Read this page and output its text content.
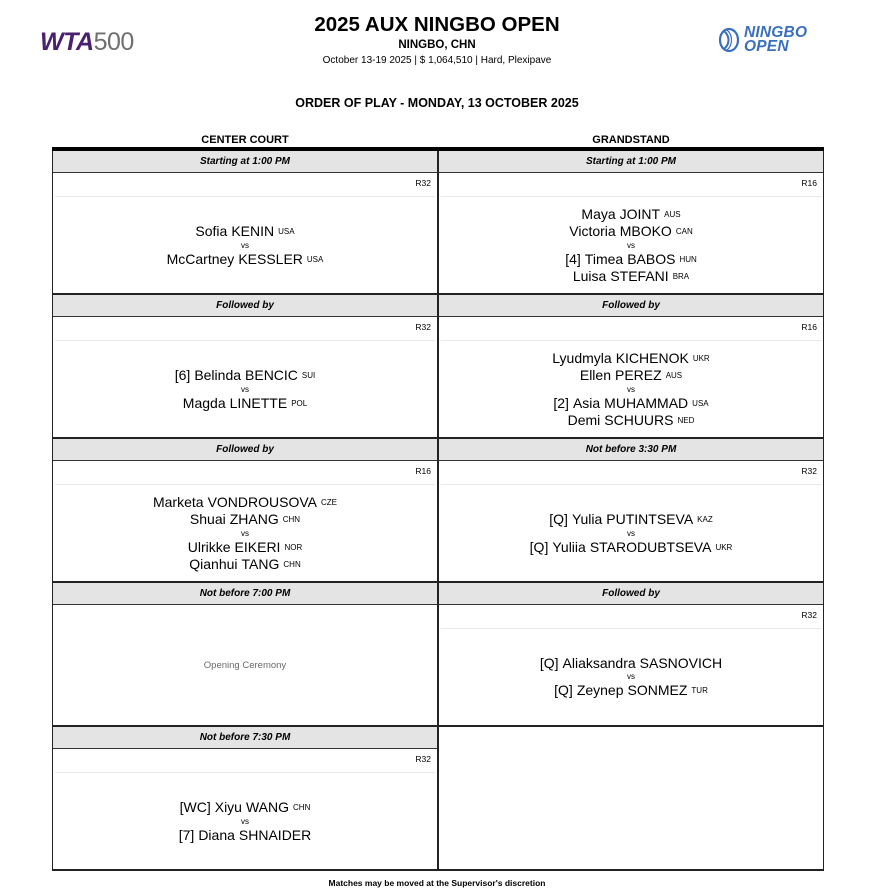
WTA500	NINGBO
OPEN
2025 AUX NINGBO OPEN
NINGBO, CHN
October 13-19 2025 | $ 1,064,510 | Hard, Plexipave
ORDER OF PLAY - MONDAY, 13 OCTOBER 2025
CENTER COURT	GRANDSTAND
Starting at 1:00 PM
R32
Sofia KENIN USA
vs
McCartney KESSLER USA
Followed by
R32
[6] Belinda BENCIC SUI
vs
Magda LINETTE POL
Followed by
R16
Marketa VONDROUSOVA CZE
Shuai ZHANG CHN
vs
Ulrikke EIKERI NOR
Qianhui TANG CHN
Not before 7:00 PM
Opening Ceremony
Not before 7:30 PM
R32
[WC] Xiyu WANG CHN
vs
[7] Diana SHNAIDER
Starting at 1:00 PM
R16
Maya JOINT AUS
Victoria MBOKO CAN
vs
[4] Timea BABOS HUN
Luisa STEFANI BRA
Followed by
R16
Lyudmyla KICHENOK UKR
Ellen PEREZ AUS
vs
[2] Asia MUHAMMAD USA
Demi SCHUURS NED
Not before 3:30 PM
R32
[Q] Yulia PUTINTSEVA KAZ
vs
[Q] Yuliia STARODUBTSEVA UKR
Followed by
R32
[Q] Aliaksandra SASNOVICH
vs
[Q] Zeynep SONMEZ TUR
Matches may be moved at the Supervisor's discretion
